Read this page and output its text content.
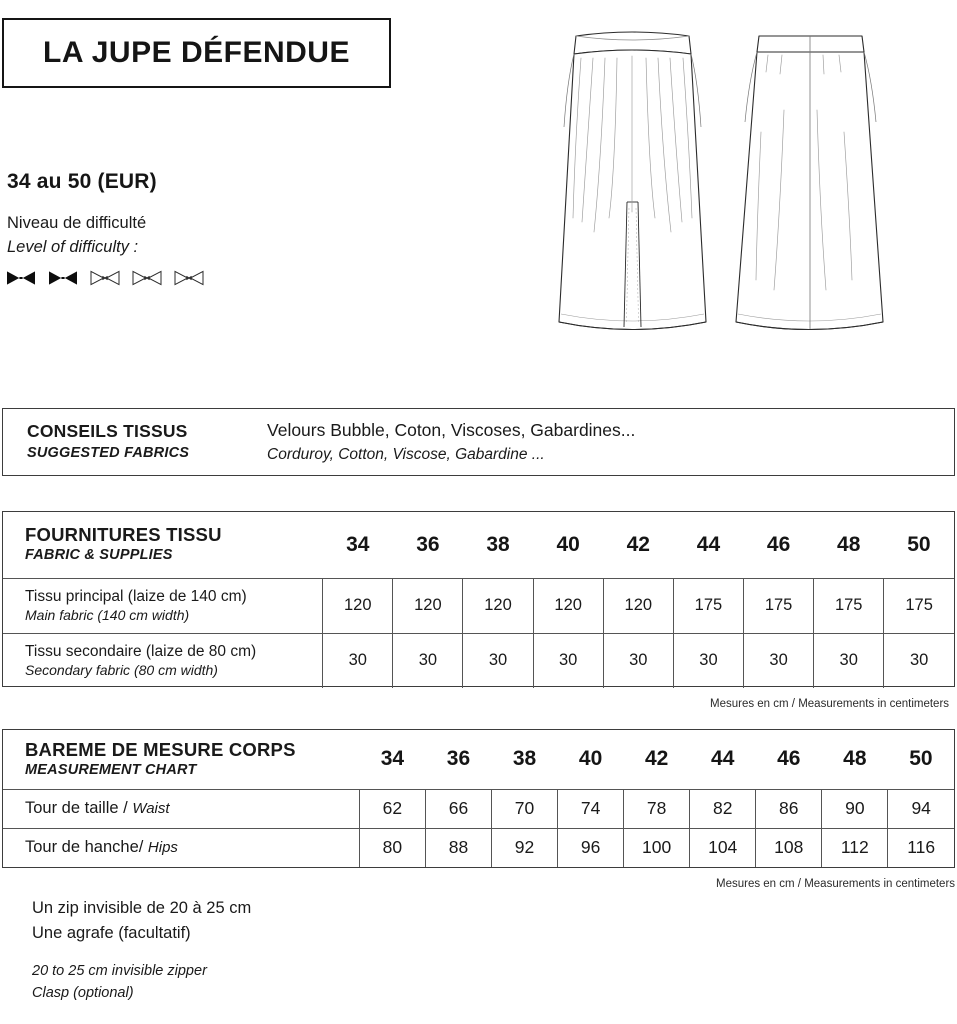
LA JUPE DÉFENDUE
34 au 50 (EUR)
Niveau de difficulté
Level of difficulty :
CONSEILS TISSUS
SUGGESTED FABRICS
Velours Bubble, Coton, Viscoses, Gabardines...
Corduroy, Cotton, Viscose, Gabardine ...
FOURNITURES TISSU
FABRIC & SUPPLIES	34	36	38	40	42	44	46	48	50

Tissu principal (laize de 140 cm)
Main fabric (140 cm width)	120	120	120	120	120	175	175	175	175

Tissu secondaire (laize de 80 cm)
Secondary fabric (80 cm width)	30	30	30	30	30	30	30	30	30
Mesures en cm / Measurements in centimeters
BAREME DE MESURE CORPS
MEASUREMENT CHART	34	36	38	40	42	44	46	48	50
Tour de taille / Waist	62	66	70	74	78	82	86	90	94
Tour de hanche/ Hips	80	88	92	96	100	104	108	112	116
Mesures en cm / Measurements in centimeters
Un zip invisible de 20 à 25 cm
Une agrafe (facultatif)
20 to 25 cm invisible zipper
Clasp (optional)
